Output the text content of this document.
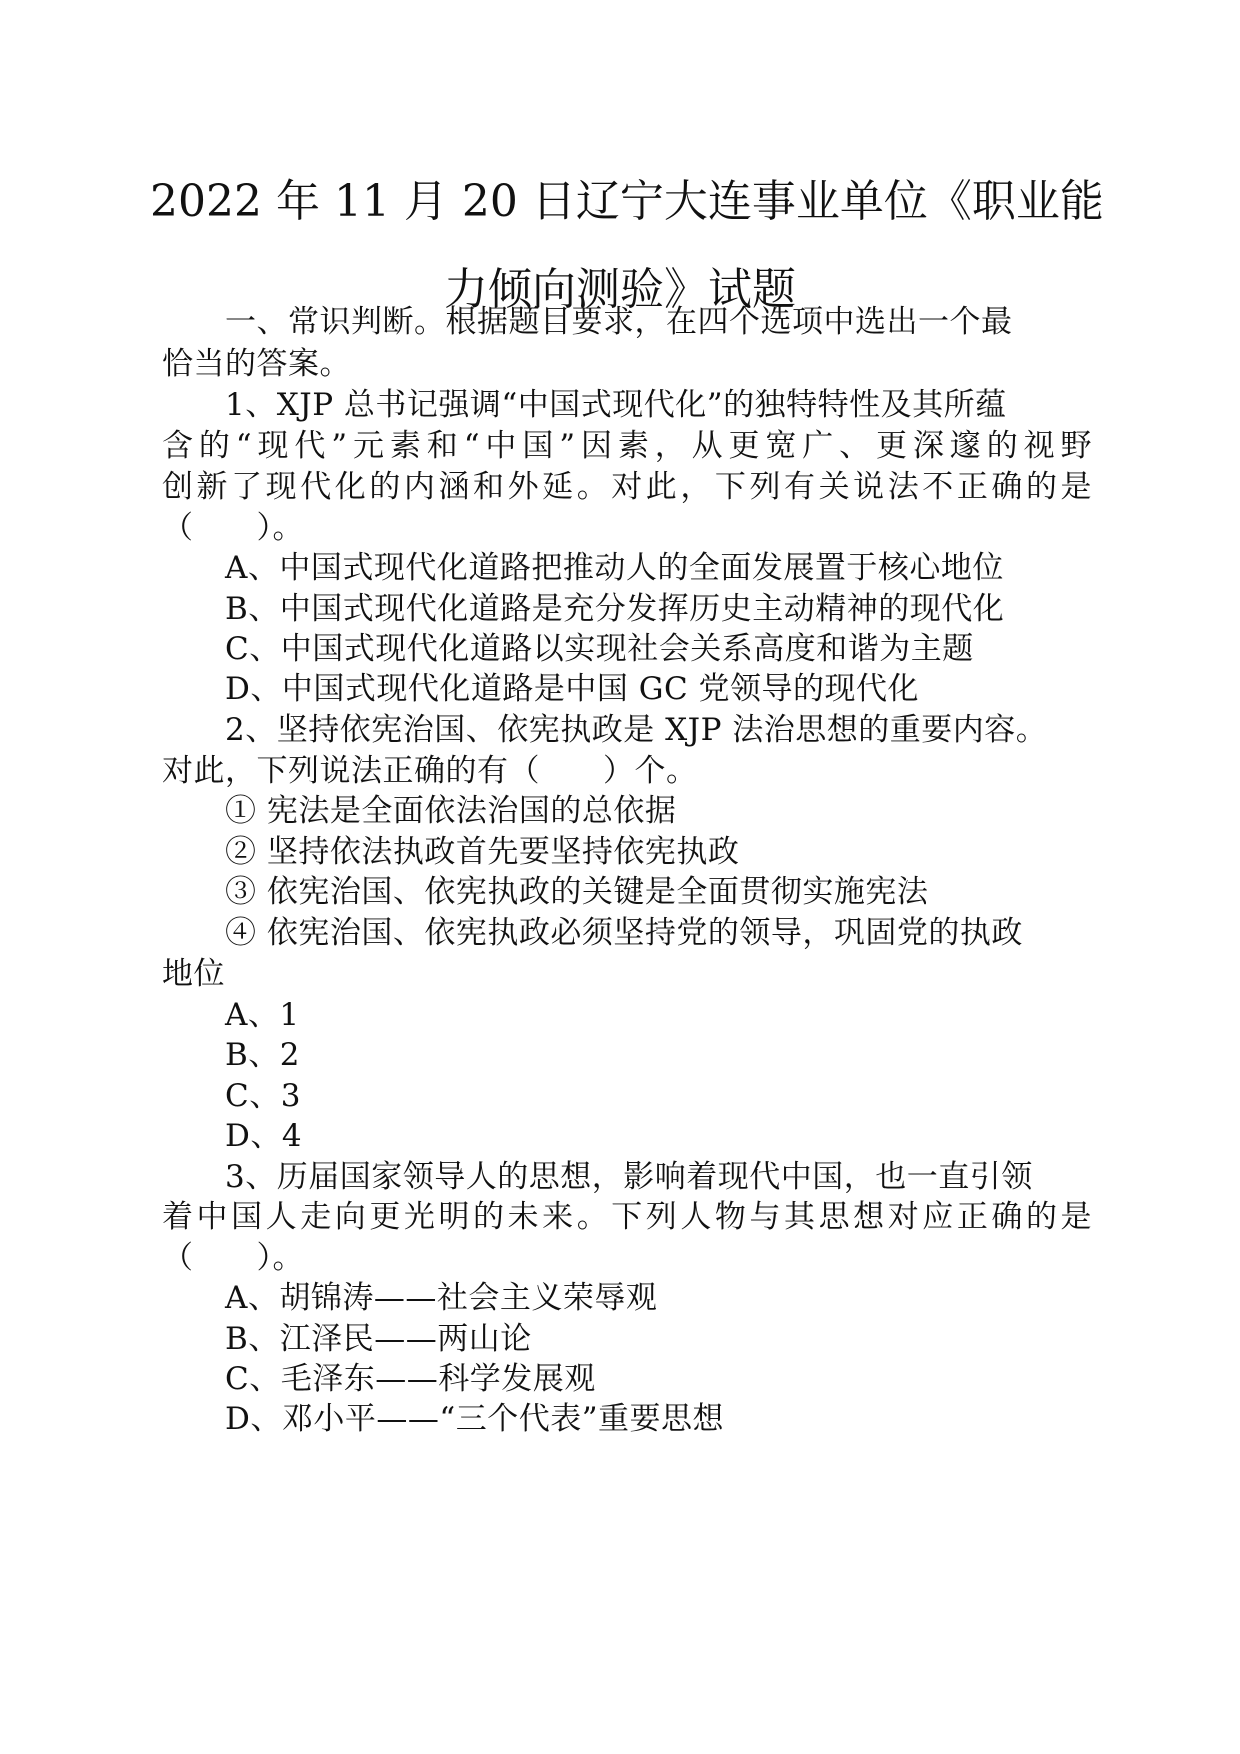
2022 年 11 月 20 日辽宁大连事业单位《职业能
力倾向测验》试题
一、常识判断。根据题目要求，在四个选项中选出一个最
恰当的答案。
1、XJP 总书记强调“中国式现代化”的独特特性及其所蕴
含的“现代”元素和“中国”因素，从更宽广、更深邃的视野
创新了现代化的内涵和外延。对此，下列有关说法不正确的是
（　　）。
A、中国式现代化道路把推动人的全面发展置于核心地位
B、中国式现代化道路是充分发挥历史主动精神的现代化
C、中国式现代化道路以实现社会关系高度和谐为主题
D、中国式现代化道路是中国 GC 党领导的现代化
2、坚持依宪治国、依宪执政是 XJP 法治思想的重要内容。
对此，下列说法正确的有（　　）个。
① 宪法是全面依法治国的总依据
② 坚持依法执政首先要坚持依宪执政
③ 依宪治国、依宪执政的关键是全面贯彻实施宪法
④ 依宪治国、依宪执政必须坚持党的领导，巩固党的执政
地位
A、1
B、2
C、3
D、4
3、历届国家领导人的思想，影响着现代中国，也一直引领
着中国人走向更光明的未来。下列人物与其思想对应正确的是
（　　）。
A、胡锦涛——社会主义荣辱观
B、江泽民——两山论
C、毛泽东——科学发展观
D、邓小平——“三个代表”重要思想
